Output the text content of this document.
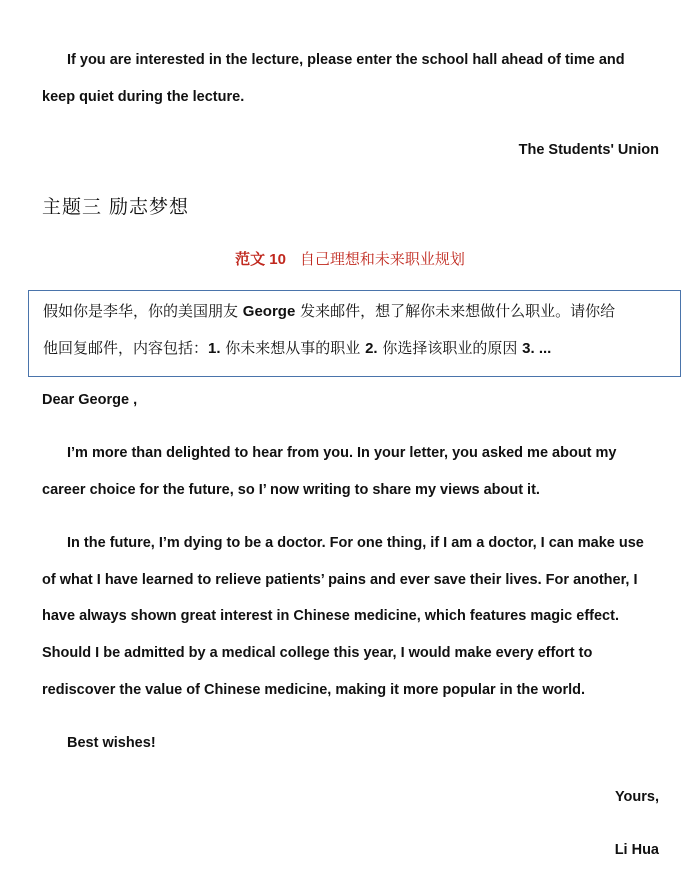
If you are interested in the lecture, please enter the school hall ahead of time and
keep quiet during the lecture.
The Students' Union
主题三 励志梦想
范文 10 自己理想和未来职业规划
假如你是李华，你的美国朋友 George 发来邮件，想了解你未来想做什么职业。请你给
他回复邮件，内容包括：1. 你未来想从事的职业 2. 你选择该职业的原因 3. ...
Dear George ,
I’m more than delighted to hear from you. In your letter, you asked me about my
career choice for the future, so I’ now writing to share my views about it.
In the future, I’m dying to be a doctor. For one thing, if I am a doctor, I can make use
of what I have learned to relieve patients’ pains and ever save their lives. For another, I
have always shown great interest in Chinese medicine, which features magic effect.
Should I be admitted by a medical college this year, I would make every effort to
rediscover the value of Chinese medicine, making it more popular in the world.
Best wishes!
Yours,
Li Hua
